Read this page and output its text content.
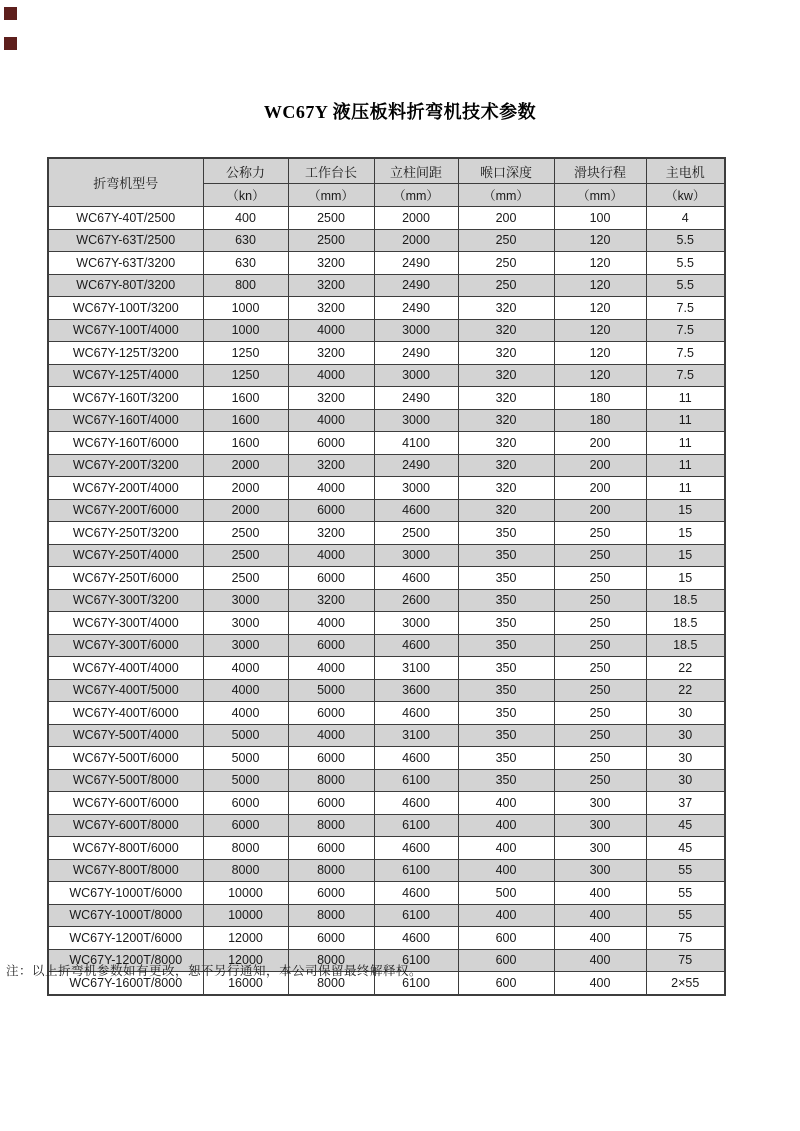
WC67Y 液压板料折弯机技术参数
折弯机型号	公称力	工作台长	立柱间距	喉口深度	滑块行程	主电机
	（kn）	（mm）	（mm）	（mm）	（mm）	（kw）
WC67Y-40T/2500	400	2500	2000	200	100	4
WC67Y-63T/2500	630	2500	2000	250	120	5.5
WC67Y-63T/3200	630	3200	2490	250	120	5.5
WC67Y-80T/3200	800	3200	2490	250	120	5.5
WC67Y-100T/3200	1000	3200	2490	320	120	7.5
WC67Y-100T/4000	1000	4000	3000	320	120	7.5
WC67Y-125T/3200	1250	3200	2490	320	120	7.5
WC67Y-125T/4000	1250	4000	3000	320	120	7.5
WC67Y-160T/3200	1600	3200	2490	320	180	11
WC67Y-160T/4000	1600	4000	3000	320	180	11
WC67Y-160T/6000	1600	6000	4100	320	200	11
WC67Y-200T/3200	2000	3200	2490	320	200	11
WC67Y-200T/4000	2000	4000	3000	320	200	11
WC67Y-200T/6000	2000	6000	4600	320	200	15
WC67Y-250T/3200	2500	3200	2500	350	250	15
WC67Y-250T/4000	2500	4000	3000	350	250	15
WC67Y-250T/6000	2500	6000	4600	350	250	15
WC67Y-300T/3200	3000	3200	2600	350	250	18.5
WC67Y-300T/4000	3000	4000	3000	350	250	18.5
WC67Y-300T/6000	3000	6000	4600	350	250	18.5
WC67Y-400T/4000	4000	4000	3100	350	250	22
WC67Y-400T/5000	4000	5000	3600	350	250	22
WC67Y-400T/6000	4000	6000	4600	350	250	30
WC67Y-500T/4000	5000	4000	3100	350	250	30
WC67Y-500T/6000	5000	6000	4600	350	250	30
WC67Y-500T/8000	5000	8000	6100	350	250	30
WC67Y-600T/6000	6000	6000	4600	400	300	37
WC67Y-600T/8000	6000	8000	6100	400	300	45
WC67Y-800T/6000	8000	6000	4600	400	300	45
WC67Y-800T/8000	8000	8000	6100	400	300	55
WC67Y-1000T/6000	10000	6000	4600	500	400	55
WC67Y-1000T/8000	10000	8000	6100	400	400	55
WC67Y-1200T/6000	12000	6000	4600	600	400	75
WC67Y-1200T/8000	12000	8000	6100	600	400	75
WC67Y-1600T/8000	16000	8000	6100	600	400	2×55

注：以上折弯机参数如有更改，恕不另行通知，本公司保留最终解释权。
